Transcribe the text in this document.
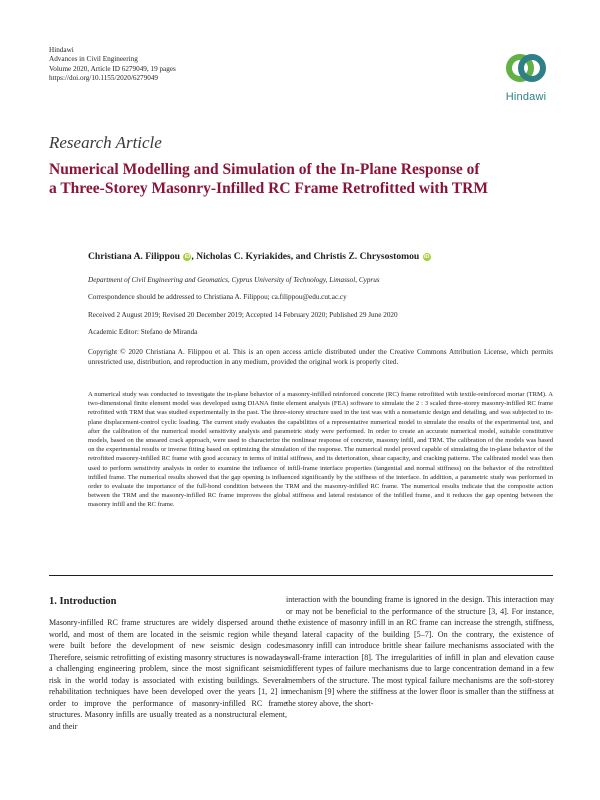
Hindawi
Advances in Civil Engineering
Volume 2020, Article ID 6279049, 19 pages
https://doi.org/10.1155/2020/6279049
Hindawi
Research Article
Numerical Modelling and Simulation of the In-Plane Response of a Three-Storey Masonry-Infilled RC Frame Retrofitted with TRM
Christiana A. Filippou iD, Nicholas C. Kyriakides, and Christis Z. Chrysostomou iD
Department of Civil Engineering and Geomatics, Cyprus University of Technology, Limassol, Cyprus
Correspondence should be addressed to Christiana A. Filippou; ca.filippou@edu.cut.ac.cy
Received 2 August 2019; Revised 20 December 2019; Accepted 14 February 2020; Published 29 June 2020
Academic Editor: Stefano de Miranda
Copyright © 2020 Christiana A. Filippou et al. This is an open access article distributed under the Creative Commons Attribution License, which permits unrestricted use, distribution, and reproduction in any medium, provided the original work is properly cited.
A numerical study was conducted to investigate the in-plane behavior of a masonry-infilled reinforced concrete (RC) frame retrofitted with textile-reinforced mortar (TRM). A two-dimensional finite element model was developed using DIANA finite element analysis (FEA) software to simulate the 2 : 3 scaled three-storey masonry-infilled RC frame retrofitted with TRM that was studied experimentally in the past. The three-storey structure used in the test was with a nonseismic design and detailing, and was subjected to in-plane displacement-control cyclic loading. The current study evaluates the capabilities of a representative numerical model to simulate the results of the experimental test, and after the calibration of the numerical model sensitivity analysis and parametric study were performed. In order to create an accurate numerical model, suitable constitutive models, based on the smeared crack approach, were used to characterize the nonlinear response of concrete, masonry infill, and TRM. The calibration of the models was based on the experimental results or inverse fitting based on optimizing the simulation of the response. The numerical model proved capable of simulating the in-plane behavior of the retrofitted masonry-infilled RC frame with good accuracy in terms of initial stiffness, and its deterioration, shear capacity, and cracking patterns. The calibrated model was then used to perform sensitivity analysis in order to examine the influence of infill-frame interface properties (tangential and normal stiffness) on the behavior of the retrofitted infilled frame. The numerical results showed that the gap opening is influenced significantly by the stiffness of the interface. In addition, a parametric study was performed in order to evaluate the importance of the full-bond condition between the TRM and the masonry-infilled RC frame. The numerical results indicate that the composite action between the TRM and the masonry-infilled RC frame improves the global stiffness and lateral resistance of the infilled frame, and it reduces the gap opening between the masonry infill and the RC frame.
1. Introduction

Masonry-infilled RC frame structures are widely dispersed around the world, and most of them are located in the seismic region while they were built before the development of new seismic design codes. Therefore, seismic retrofitting of existing masonry structures is nowadays a challenging engineering problem, since the most significant seismic risk in the world today is associated with existing buildings. Several rehabilitation techniques have been developed over the years [1, 2] in order to improve the performance of masonry-infilled RC frame structures. Masonry infills are usually treated as a nonstructural element, and their

interaction with the bounding frame is ignored in the design. This interaction may or may not be beneficial to the performance of the structure [3, 4]. For instance, the existence of masonry infill in an RC frame can increase the strength, stiffness, and lateral capacity of the building [5–7]. On the contrary, the existence of masonry infill can introduce brittle shear failure mechanisms associated with the wall-frame interaction [8]. The irregularities of infill in plan and elevation cause different types of failure mechanisms due to large concentration demand in a few members of the structure. The most typical failure mechanisms are the soft-storey mechanism [9] where the stiffness at the lower floor is smaller than the stiffness at the storey above, the short-
